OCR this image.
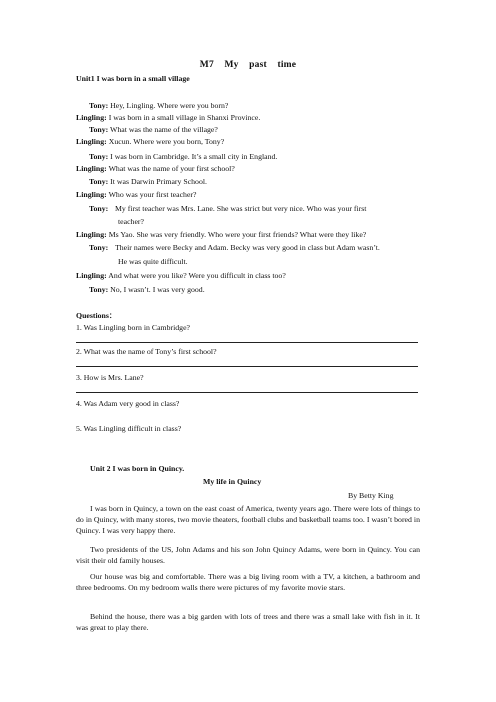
M7 My past time
Unit1 I was born in a small village
Tony: Hey, Lingling. Where were you born?
Lingling: I was born in a small village in Shanxi Province.
Tony: What was the name of the village?
Lingling: Xucun. Where were you born, Tony?
Tony: I was born in Cambridge. It’s a small city in England.
Lingling: What was the name of your first school?
Tony: It was Darwin Primary School.
Lingling: Who was your first teacher?
Tony: My first teacher was Mrs. Lane. She was strict but very nice. Who was your first
teacher?
Lingling: Ms Yao. She was very friendly. Who were your first friends? What were they like?
Tony: Their names were Becky and Adam. Becky was very good in class but Adam wasn’t.
He was quite difficult.
Lingling: And what were you like? Were you difficult in class too?
Tony: No, I wasn’t. I was very good.
Questions：
1. Was Lingling born in Cambridge?
2. What was the name of Tony’s first school?
3. How is Mrs. Lane?
4. Was Adam very good in class?
5. Was Lingling difficult in class?
Unit 2 I was born in Quincy.
My life in Quincy
By Betty King
I was born in Quincy, a town on the east coast of America, twenty years ago. There were lots of things to do in Quincy, with many stores, two movie theaters, football clubs and basketball teams too. I wasn’t bored in Quincy. I was very happy there.
Two presidents of the US, John Adams and his son John Quincy Adams, were born in Quincy. You can visit their old family houses.
Our house was big and comfortable. There was a big living room with a TV, a kitchen, a bathroom and three bedrooms. On my bedroom walls there were pictures of my favorite movie stars.
Behind the house, there was a big garden with lots of trees and there was a small lake with fish in it. It was great to play there.
